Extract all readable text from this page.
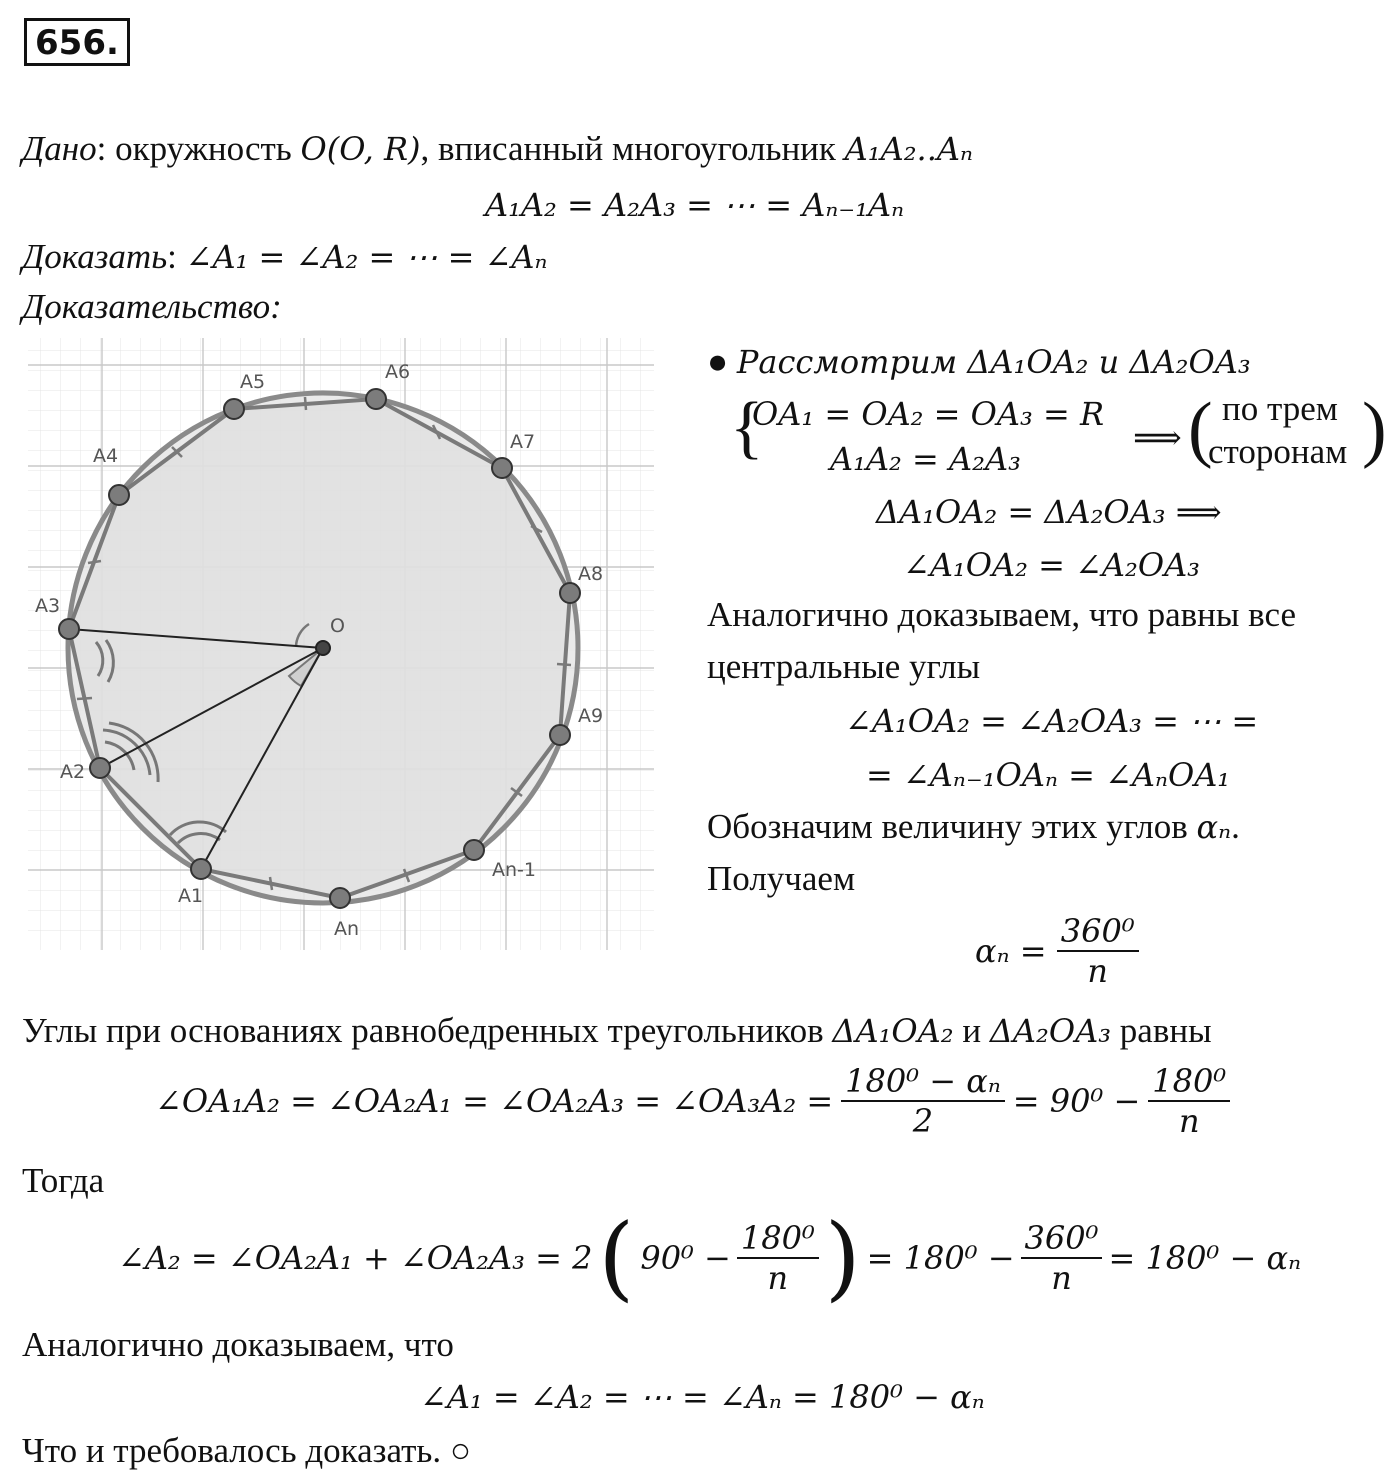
656.
Дано: окружность O(O, R), вписанный многоугольник A₁A₂..Aₙ
A₁A₂ = A₂A₃ = ⋯ = Aₙ₋₁Aₙ
Доказать: ∠A₁ = ∠A₂ = ⋯ = ∠Aₙ
Доказательство:
O
A1
A2
A3
A4
A5	A6
A7
A8
A9
An-1
An
● Рассмотрим ΔA₁OA₂ и ΔA₂OA₃
{
OA₁ = OA₂ = OA₃ = R
A₁A₂ = A₂A₃
⟹ ( по трем
сторонам )
ΔA₁OA₂ = ΔA₂OA₃ ⟹
∠A₁OA₂ = ∠A₂OA₃
Аналогично доказываем, что равны все
центральные углы
∠A₁OA₂ = ∠A₂OA₃ = ⋯ =
= ∠Aₙ₋₁OAₙ = ∠AₙOA₁
Обозначим величину этих углов αₙ.
Получаем
$\alpha_n = \frac{\text{360⁰}}{n}$
Углы при основаниях равнобедренных треугольников ΔA₁OA₂ и ΔA₂OA₃ равны
∠OA₁A₂ = ∠OA₂A₁ = ∠OA₂A₃ = ∠OA₃A₂ = $\frac{\text{180⁰ − αₙ}}{2} = 90^0 - \frac{\text{180⁰}}{n}$
Тогда
∠A₂ = ∠OA₂A₁ + ∠OA₂A₃ = 2 ( $90^0 - \frac{\text{180⁰}}{n}$ ) = $180^0 - \frac{\text{360⁰}}{n} = 180^0 - \alpha_n$
Аналогично доказываем, что
∠A₁ = ∠A₂ = ⋯ = ∠Aₙ = 180⁰ − αₙ
Что и требовалось доказать. ○
